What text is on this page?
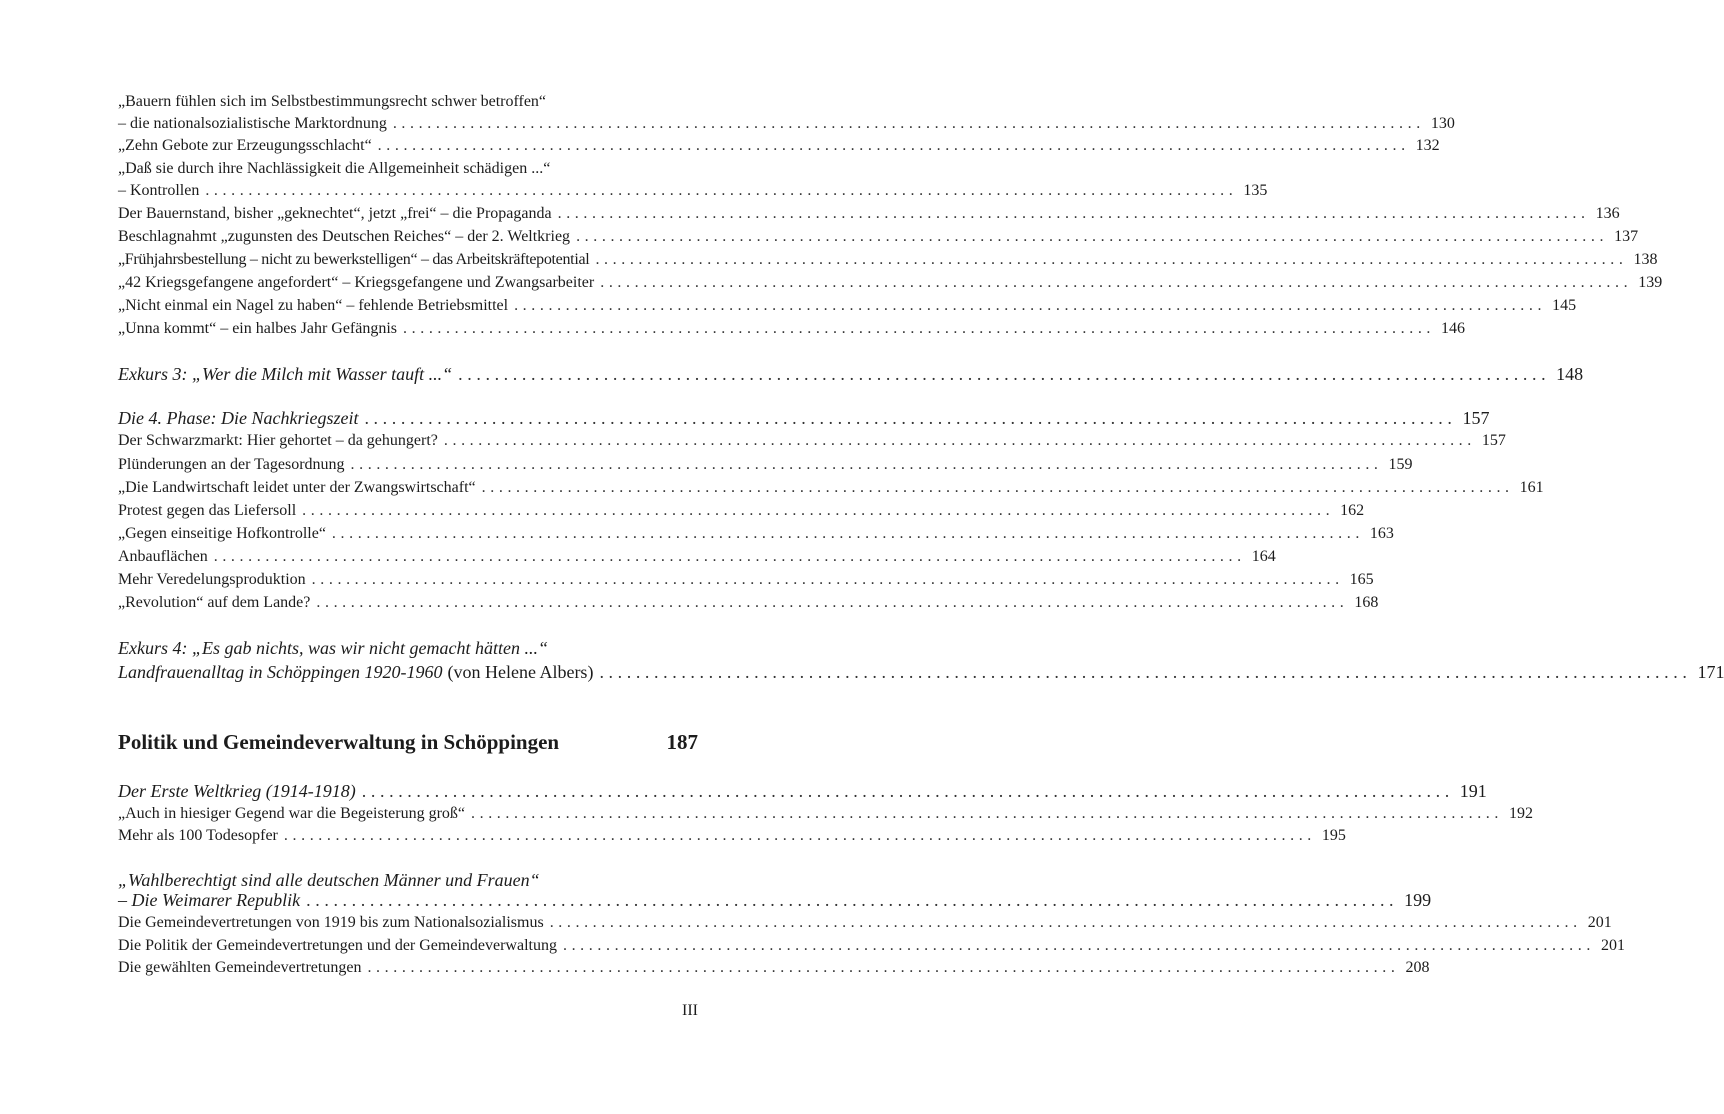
„Bauern fühlen sich im Selbstbestimmungsrecht schwer betroffen“
– die nationalsozialistische Marktordnung ........................................................................................................................ 130
„Zehn Gebote zur Erzeugungsschlacht“ ........................................................................................................................ 132
„Daß sie durch ihre Nachlässigkeit die Allgemeinheit schädigen ...“
– Kontrollen ........................................................................................................................ 135
Der Bauernstand, bisher „geknechtet“, jetzt „frei“ – die Propaganda ........................................................................................................................ 136
Beschlagnahmt „zugunsten des Deutschen Reiches“ – der 2. Weltkrieg ........................................................................................................................ 137
„Frühjahrsbestellung – nicht zu bewerkstelligen“ – das Arbeitskräftepotential ........................................................................................................................ 138
„42 Kriegsgefangene angefordert“ – Kriegsgefangene und Zwangsarbeiter ........................................................................................................................ 139
„Nicht einmal ein Nagel zu haben“ – fehlende Betriebsmittel ........................................................................................................................ 145
„Unna kommt“ – ein halbes Jahr Gefängnis ........................................................................................................................ 146
Exkurs 3: „Wer die Milch mit Wasser tauft ...“ ........................................................................................................................ 148
Die 4. Phase: Die Nachkriegszeit ........................................................................................................................ 157
Der Schwarzmarkt: Hier gehortet – da gehungert? ........................................................................................................................ 157
Plünderungen an der Tagesordnung ........................................................................................................................ 159
„Die Landwirtschaft leidet unter der Zwangswirtschaft“ ........................................................................................................................ 161
Protest gegen das Liefersoll ........................................................................................................................ 162
„Gegen einseitige Hofkontrolle“ ........................................................................................................................ 163
Anbauflächen ........................................................................................................................ 164
Mehr Veredelungsproduktion ........................................................................................................................ 165
„Revolution“ auf dem Lande? ........................................................................................................................ 168
Exkurs 4: „Es gab nichts, was wir nicht gemacht hätten ...“
Landfrauenalltag in Schöppingen 1920-1960 (von Helene Albers) ........................................................................................................................ 171
Politik und Gemeindeverwaltung in Schöppingen	187
Der Erste Weltkrieg (1914-1918) ........................................................................................................................ 191
„Auch in hiesiger Gegend war die Begeisterung groß“ ........................................................................................................................ 192
Mehr als 100 Todesopfer ........................................................................................................................ 195
„Wahlberechtigt sind alle deutschen Männer und Frauen“
– Die Weimarer Republik ........................................................................................................................ 199
Die Gemeindevertretungen von 1919 bis zum Nationalsozialismus ........................................................................................................................ 201
Die Politik der Gemeindevertretungen und der Gemeindeverwaltung ........................................................................................................................ 201
Die gewählten Gemeindevertretungen ........................................................................................................................ 208
III
